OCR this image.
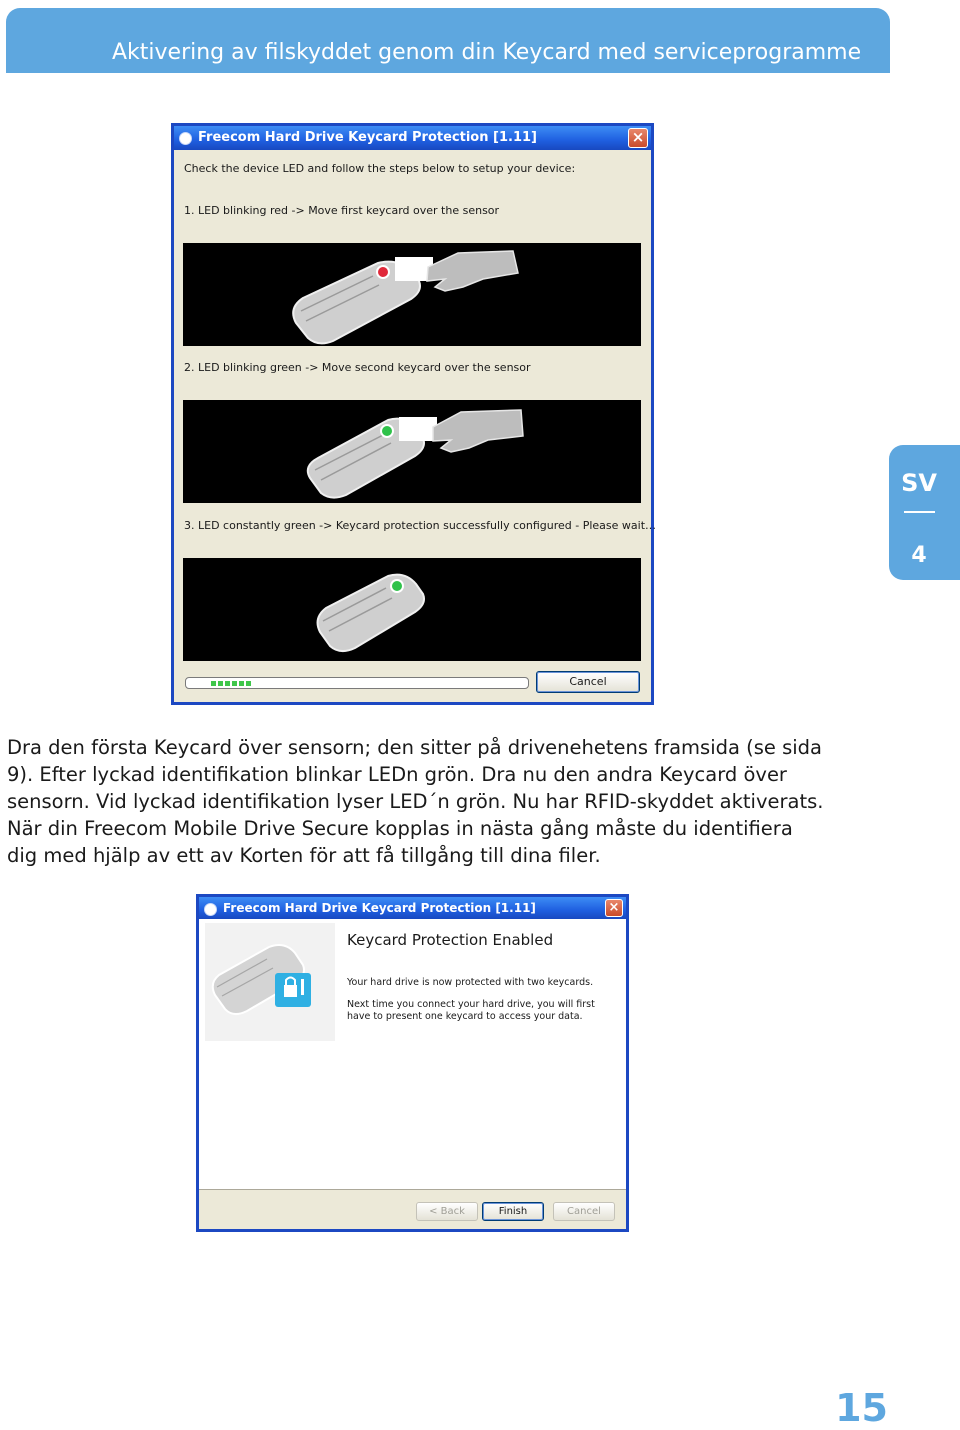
Aktivering av filskyddet genom din Keycard med serviceprogramme
SV
4
Freecom Hard Drive Keycard Protection [1.11]	×
Check the device LED and follow the steps below to setup your device:
1. LED blinking red -> Move first keycard over the sensor
2. LED blinking green -> Move second keycard over the sensor
3. LED constantly green -> Keycard protection successfully configured - Please wait…
Cancel

Dra den första Keycard över sensorn; den sitter på drivenehetens framsida (se sida 9). Efter lyckad identifikation blinkar LEDn grön. Dra nu den andra Keycard över sensorn. Vid lyckad identifikation lyser LED´n grön. Nu har RFID-skyddet aktiverats. När din Freecom Mobile Drive Secure kopplas in nästa gång måste du identifiera dig med hjälp av ett av Korten för att få tillgång till dina filer.

Freecom Hard Drive Keycard Protection [1.11]	×
Keycard Protection Enabled
Your hard drive is now protected with two keycards.
Next time you connect your hard drive, you will first have to present one keycard to access your data.
< Back	Finish	Cancel
15
